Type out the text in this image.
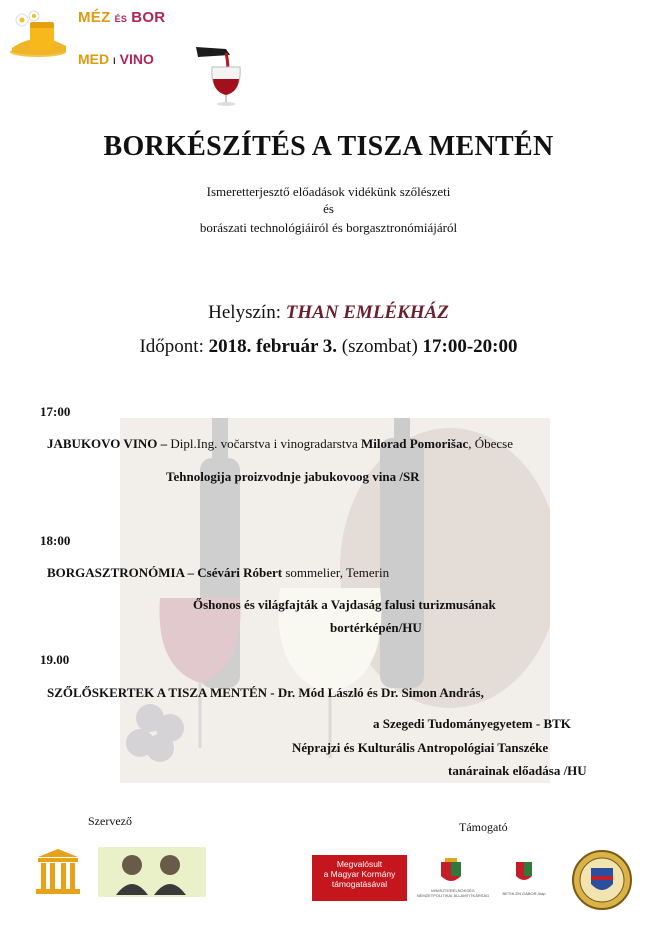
MÉZ ÉS BOR
MED I VINO
BORKÉSZÍTÉS A TISZA MENTÉN
Ismeretterjesztő előadások vidékünk szőlészeti
és
borászati technológiáiról és borgasztronómiájáról
Helyszín: THAN EMLÉKHÁZ
Időpont: 2018. február 3. (szombat) 17:00-20:00
17:00
JABUKOVO VINO – Dipl.Ing. vočarstva i vinogradarstva Milorad Pomorišac, Óbecse
Tehnologija proizvodnje jabukovoog vina /SR
18:00
BORGASZTRONÓMIA – Csévári Róbert sommelier, Temerin
Őshonos és világfajták a Vajdaság falusi turizmusának
bortérképén/HU
19.00
SZŐLŐSKERTEK A TISZA MENTÉN - Dr. Mód László és Dr. Simon András,
a Szegedi Tudományegyetem - BTK
Néprajzi és Kulturális Antropológiai Tanszéke
tanárainak előadása /HU
Szervező	Támogató
Megvalósult
a Magyar Kormány
támogatásával
MINISZTERELNÖKSÉG NEMZETPOLITIKAI ÁLLAMTITKÁRSÁG	BETHLEN GÁBOR Alap
